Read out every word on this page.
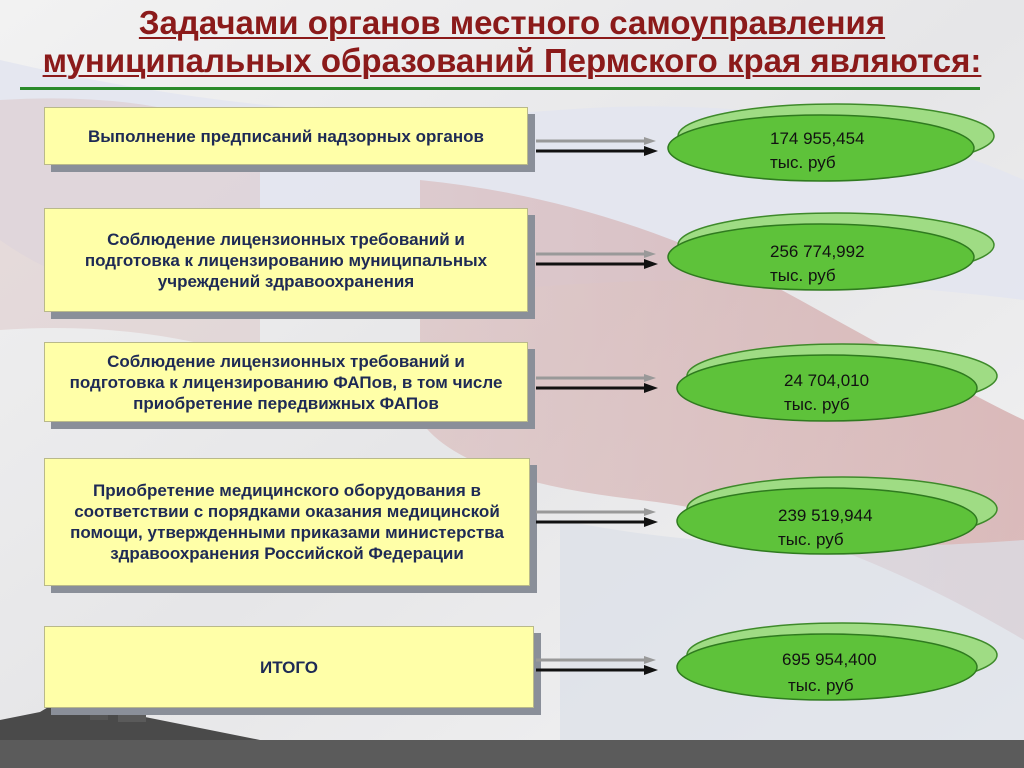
Задачами органов местного самоуправления
муниципальных образований Пермского края являются:
Выполнение предписаний надзорных органов	174 955,454
тыс. руб
Соблюдение лицензионных требований и подготовка к лицензированию муниципальных учреждений здравоохранения
256 774,992
тыс. руб
Соблюдение лицензионных требований и подготовка к лицензированию ФАПов, в том числе приобретение передвижных ФАПов
24 704,010
тыс. руб
Приобретение медицинского оборудования в соответствии с порядками оказания медицинской помощи, утвержденными приказами министерства здравоохранения Российской Федерации
239 519,944
тыс. руб
ИТОГО	695 954,400
тыс. руб
